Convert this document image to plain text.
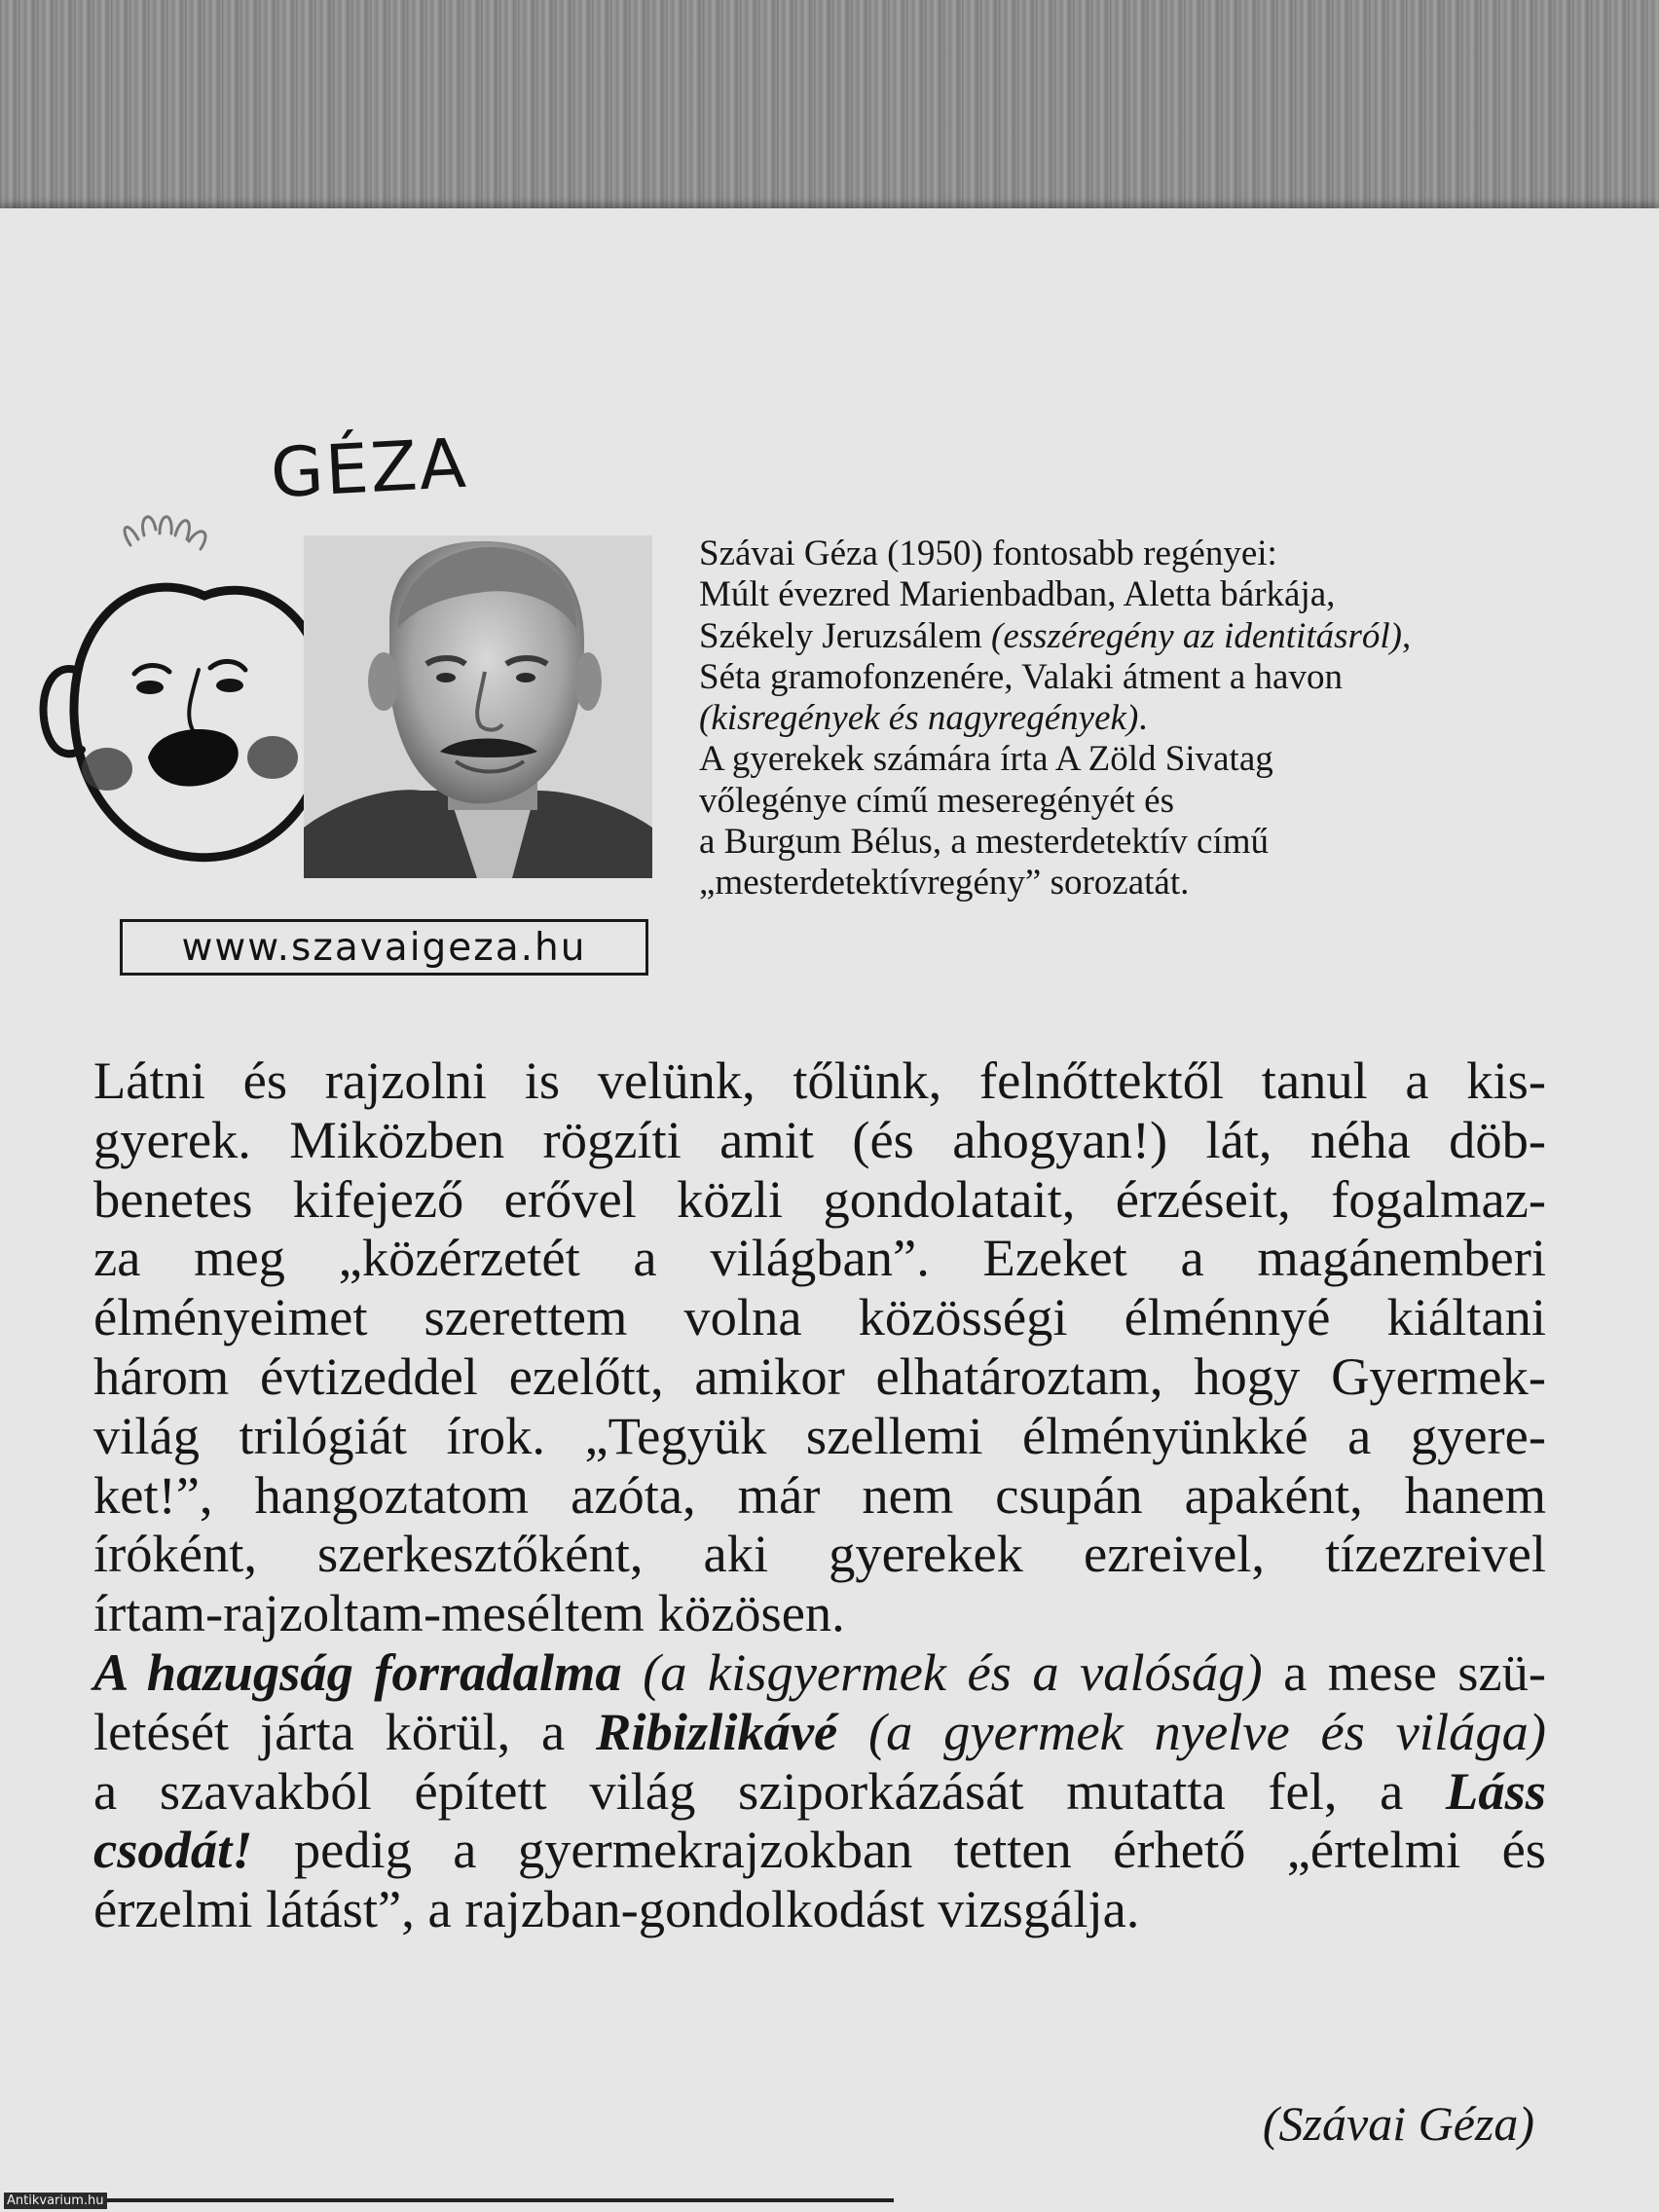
GÉZA
www.szavaigeza.hu
Szávai Géza (1950) fontosabb regényei:
Múlt évezred Marienbadban, Aletta bárkája,
Székely Jeruzsálem (esszéregény az identitásról),
Séta gramofonzenére, Valaki átment a havon
(kisregények és nagyregények).
A gyerekek számára írta A Zöld Sivatag
vőlegénye című meseregényét és
a Burgum Bélus, a mesterdetektív című
„mesterdetektívregény” sorozatát.
Látni és rajzolni is velünk, tőlünk, felnőttektől tanul a kis-
gyerek. Miközben rögzíti amit (és ahogyan!) lát, néha döb-
benetes kifejező erővel közli gondolatait, érzéseit, fogalmaz-
za meg „közérzetét a világban”. Ezeket a magánemberi
élményeimet szerettem volna közösségi élménnyé kiáltani
három évtizeddel ezelőtt, amikor elhatároztam, hogy Gyermek-
világ trilógiát írok. „Tegyük szellemi élményünkké a gyere-
ket!”, hangoztatom azóta, már nem csupán apaként, hanem
íróként, szerkesztőként, aki gyerekek ezreivel, tízezreivel
írtam-rajzoltam-meséltem közösen.
A hazugság forradalma (a kisgyermek és a valóság) a mese szü-
letését járta körül, a Ribizlikávé (a gyermek nyelve és világa)
a szavakból épített világ sziporkázását mutatta fel, a Láss
csodát! pedig a gyermekrajzokban tetten érhető „értelmi és
érzelmi látást”, a rajzban-gondolkodást vizsgálja.
(Szávai Géza)
Antikvarium.hu
